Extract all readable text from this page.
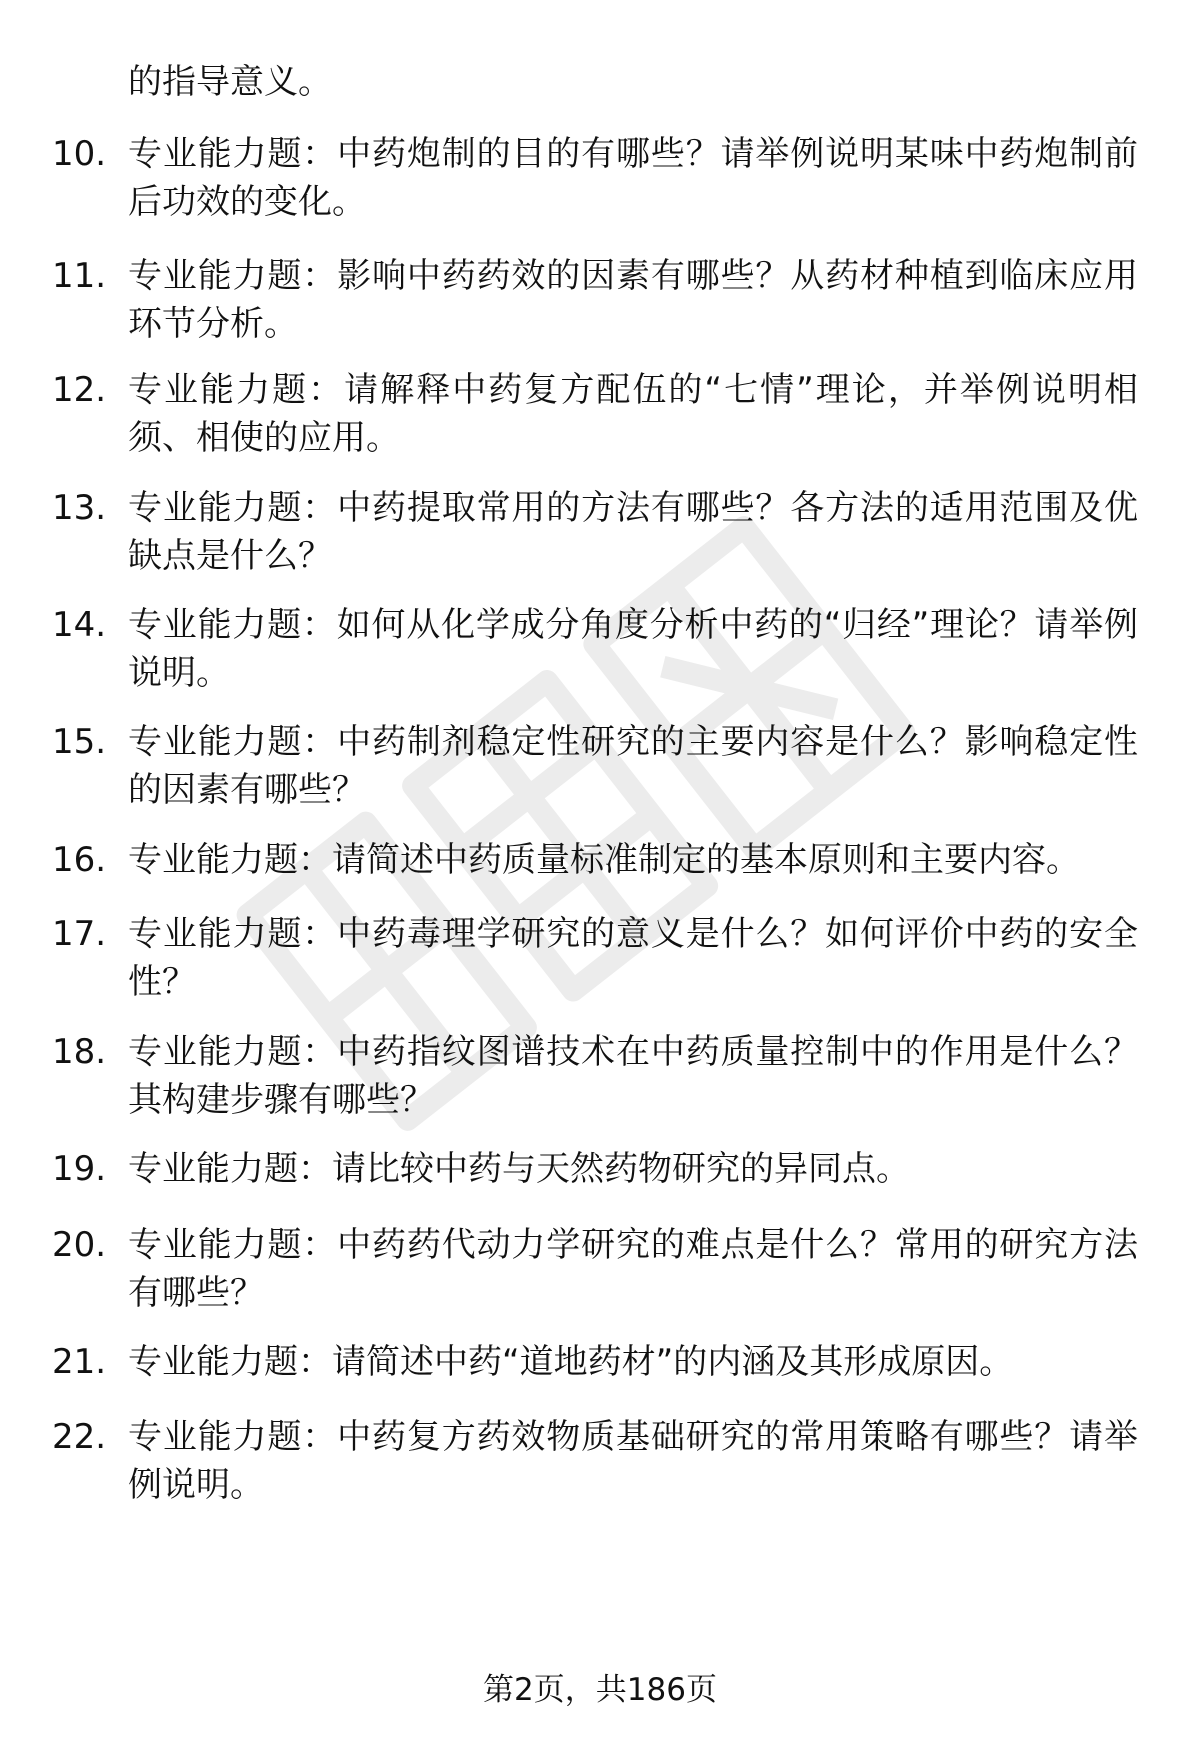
的指导意义。
10. 专业能力题：中药炮制的目的有哪些？请举例说明某味中药炮制前后功效的变化。
11. 专业能力题：影响中药药效的因素有哪些？从药材种植到临床应用环节分析。
12. 专业能力题：请解释中药复方配伍的“七情”理论，并举例说明相须、相使的应用。
13. 专业能力题：中药提取常用的方法有哪些？各方法的适用范围及优缺点是什么？
14. 专业能力题：如何从化学成分角度分析中药的“归经”理论？请举例说明。
15. 专业能力题：中药制剂稳定性研究的主要内容是什么？影响稳定性的因素有哪些？
16. 专业能力题：请简述中药质量标准制定的基本原则和主要内容。
17. 专业能力题：中药毒理学研究的意义是什么？如何评价中药的安全性？
18. 专业能力题：中药指纹图谱技术在中药质量控制中的作用是什么？其构建步骤有哪些？
19. 专业能力题：请比较中药与天然药物研究的异同点。
20. 专业能力题：中药药代动力学研究的难点是什么？常用的研究方法有哪些？
21. 专业能力题：请简述中药“道地药材”的内涵及其形成原因。
22. 专业能力题：中药复方药效物质基础研究的常用策略有哪些？请举例说明。
第2页，共186页
